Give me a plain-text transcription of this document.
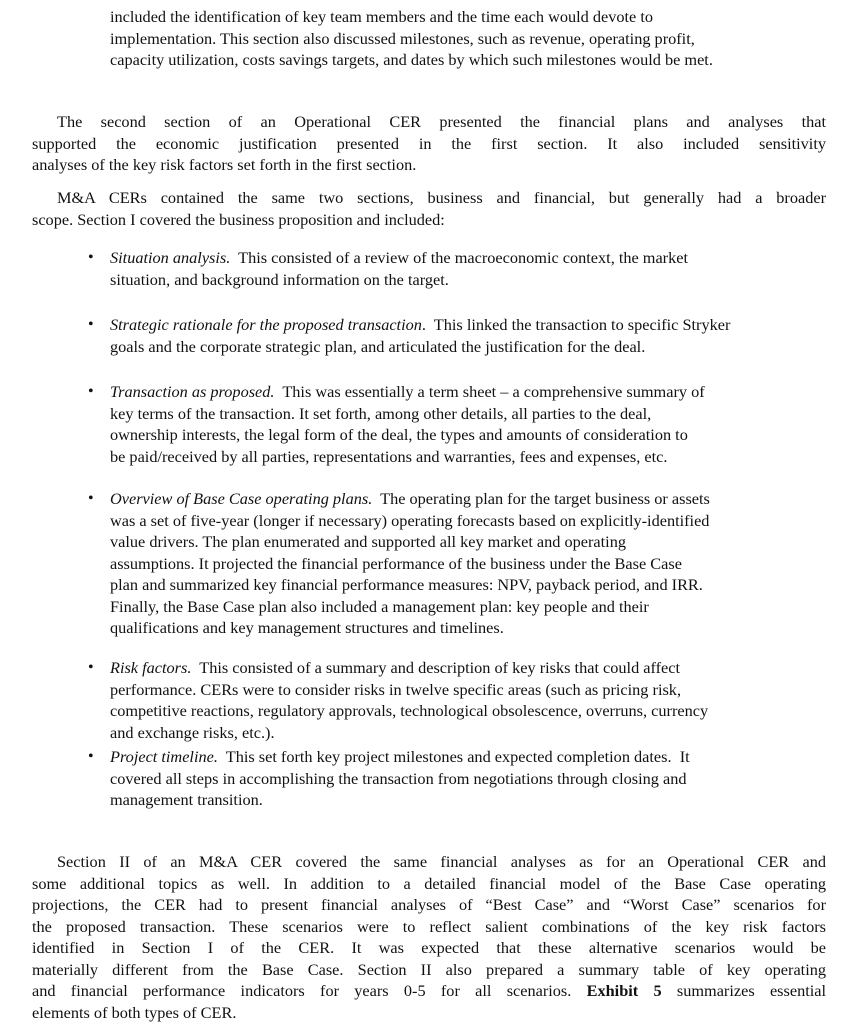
included the identification of key team members and the time each would devote to
implementation. This section also discussed milestones, such as revenue, operating profit,
capacity utilization, costs savings targets, and dates by which such milestones would be met.
The second section of an Operational CER presented the financial plans and analyses that
supported the economic justification presented in the first section. It also included sensitivity
analyses of the key risk factors set forth in the first section.
M&A CERs contained the same two sections, business and financial, but generally had a broader
scope. Section I covered the business proposition and included:
• Situation analysis.  This consisted of a review of the macroeconomic context, the market
situation, and background information on the target.
• Strategic rationale for the proposed transaction.  This linked the transaction to specific Stryker
goals and the corporate strategic plan, and articulated the justification for the deal.
• Transaction as proposed.  This was essentially a term sheet – a comprehensive summary of
key terms of the transaction. It set forth, among other details, all parties to the deal,
ownership interests, the legal form of the deal, the types and amounts of consideration to
be paid/received by all parties, representations and warranties, fees and expenses, etc.
• Overview of Base Case operating plans.  The operating plan for the target business or assets
was a set of five-year (longer if necessary) operating forecasts based on explicitly-identified
value drivers. The plan enumerated and supported all key market and operating
assumptions. It projected the financial performance of the business under the Base Case
plan and summarized key financial performance measures: NPV, payback period, and IRR.
Finally, the Base Case plan also included a management plan: key people and their
qualifications and key management structures and timelines.
• Risk factors.  This consisted of a summary and description of key risks that could affect
performance. CERs were to consider risks in twelve specific areas (such as pricing risk,
competitive reactions, regulatory approvals, technological obsolescence, overruns, currency
and exchange risks, etc.).
• Project timeline.  This set forth key project milestones and expected completion dates.  It
covered all steps in accomplishing the transaction from negotiations through closing and
management transition.
Section II of an M&A CER covered the same financial analyses as for an Operational CER and
some additional topics as well. In addition to a detailed financial model of the Base Case operating
projections, the CER had to present financial analyses of “Best Case” and “Worst Case” scenarios for
the proposed transaction. These scenarios were to reflect salient combinations of the key risk factors
identified in Section I of the CER. It was expected that these alternative scenarios would be
materially different from the Base Case. Section II also prepared a summary table of key operating
and financial performance indicators for years 0-5 for all scenarios. Exhibit 5 summarizes essential
elements of both types of CER.
